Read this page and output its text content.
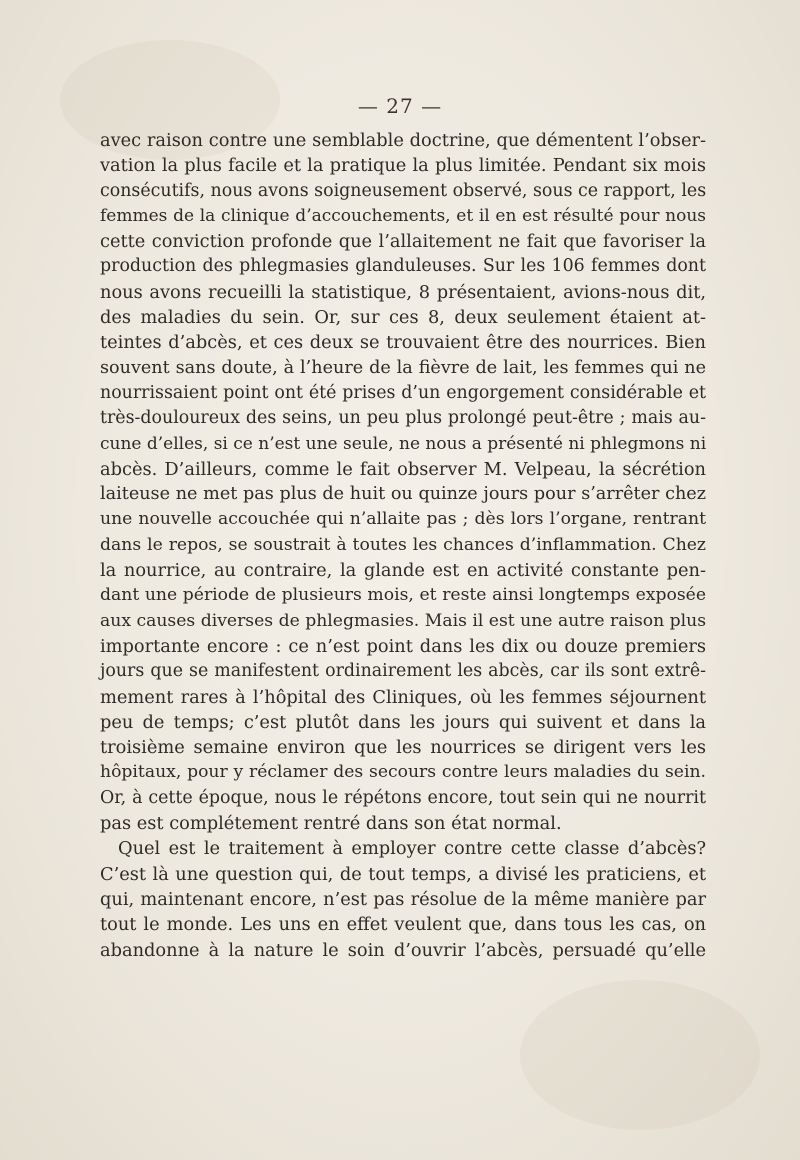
— 27 —
avec raison contre une semblable doctrine, que démentent l’obser-
vation la plus facile et la pratique la plus limitée. Pendant six mois
consécutifs, nous avons soigneusement observé, sous ce rapport, les
femmes de la clinique d’accouchements, et il en est résulté pour nous
cette conviction profonde que l’allaitement ne fait que favoriser la
production des phlegmasies glanduleuses. Sur les 106 femmes dont
nous avons recueilli la statistique, 8 présentaient, avions-nous dit,
des maladies du sein. Or, sur ces 8, deux seulement étaient at-
teintes d’abcès, et ces deux se trouvaient être des nourrices. Bien
souvent sans doute, à l’heure de la fièvre de lait, les femmes qui ne
nourrissaient point ont été prises d’un engorgement considérable et
très-douloureux des seins, un peu plus prolongé peut-être ; mais au-
cune d’elles, si ce n’est une seule, ne nous a présenté ni phlegmons ni
abcès. D’ailleurs, comme le fait observer M. Velpeau, la sécrétion
laiteuse ne met pas plus de huit ou quinze jours pour s’arrêter chez
une nouvelle accouchée qui n’allaite pas ; dès lors l’organe, rentrant
dans le repos, se soustrait à toutes les chances d’inflammation. Chez
la nourrice, au contraire, la glande est en activité constante pen-
dant une période de plusieurs mois, et reste ainsi longtemps exposée
aux causes diverses de phlegmasies. Mais il est une autre raison plus
importante encore : ce n’est point dans les dix ou douze premiers
jours que se manifestent ordinairement les abcès, car ils sont extrê-
mement rares à l’hôpital des Cliniques, où les femmes séjournent
peu de temps; c’est plutôt dans les jours qui suivent et dans la
troisième semaine environ que les nourrices se dirigent vers les
hôpitaux, pour y réclamer des secours contre leurs maladies du sein.
Or, à cette époque, nous le répétons encore, tout sein qui ne nourrit
pas est complétement rentré dans son état normal.
Quel est le traitement à employer contre cette classe d’abcès?
C’est là une question qui, de tout temps, a divisé les praticiens, et
qui, maintenant encore, n’est pas résolue de la même manière par
tout le monde. Les uns en effet veulent que, dans tous les cas, on
abandonne à la nature le soin d’ouvrir l’abcès, persuadé qu’elle
